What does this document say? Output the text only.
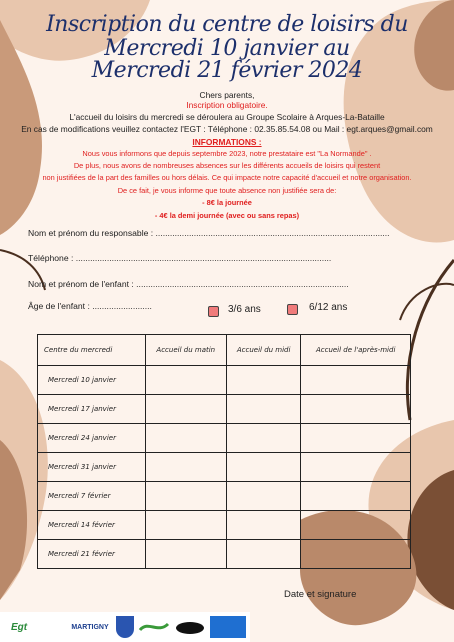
Inscription du centre de loisirs du
Mercredi 10 janvier au
Mercredi 21 février 2024
Chers parents,
Inscription obligatoire.
L'accueil du loisirs du mercredi se déroulera au Groupe Scolaire à Arques-La-Bataille
En cas de modifications veuillez contactez l'EGT : Téléphone : 02.35.85.54.08 ou Mail : egt.arques@gmail.com
INFORMATIONS :
Nous vous informons que depuis septembre 2023, notre prestataire est "La Normande" .
De plus, nous avons de nombreuses absences sur les différents accueils de loisirs qui restent
non justifiées de la part des familles ou hors délais. Ce qui impacte notre capacité d'accueil et notre organisation.
De ce fait, je vous informe que toute absence non justifiée sera de:
- 8€ la journée
- 4€ la demi journée (avec ou sans repas)
Nom et prénom du responsable : ..................................................................................................
Téléphone : ...........................................................................................................
Nom et prénom de l'enfant : .........................................................................................
Âge de l'enfant : .........................	3/6 ans	6/12 ans
Centre du mercredi	Accueil du matin	Accueil du midi	Accueil de l'après-midi
Mercredi 10 janvier			
Mercredi 17 janvier			
Mercredi 24 janvier			
Mercredi 31 janvier			
Mercredi 7 février			
Mercredi 14 février			
Mercredi 21 février			
Date et signature
Egt	MARTIGNY
